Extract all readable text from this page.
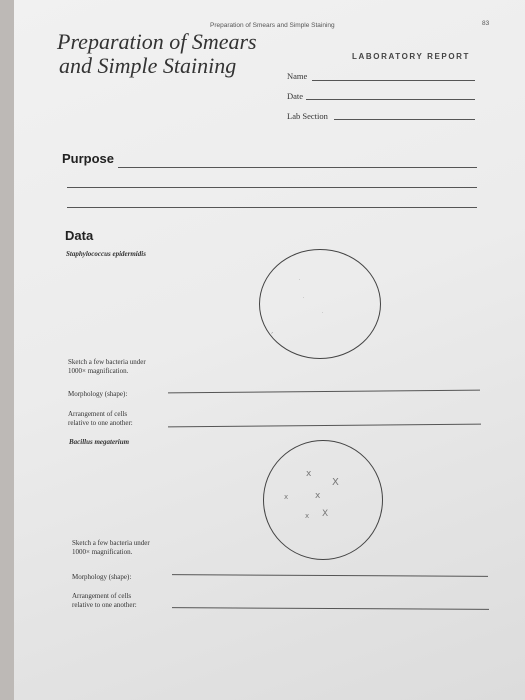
Preparation of Smears and Simple Staining	83
Preparation of Smears
and Simple Staining	LABORATORY REPORT
Name
Date
Lab Section
Purpose
Data
Staphylococcus epidermidis
·
·
·
ˏ
Sketch a few bacteria under
1000× magnification.
Morphology (shape):
Arrangement of cells
relative to one another:
Bacillus megaterium
x
X
x
x
x X
Sketch a few bacteria under
1000× magnification.
Morphology (shape):
Arrangement of cells
relative to one another:
